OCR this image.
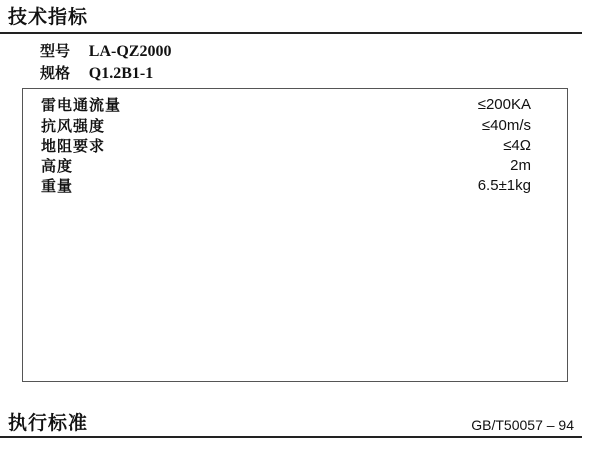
技术指标
型号 LA-QZ2000
规格 Q1.2B1-1
雷电通流量	≤200KA
抗风强度	≤40m/s
地阻要求	≤4Ω
高度	2m
重量	6.5±1kg
执行标准	GB/T50057 – 94
